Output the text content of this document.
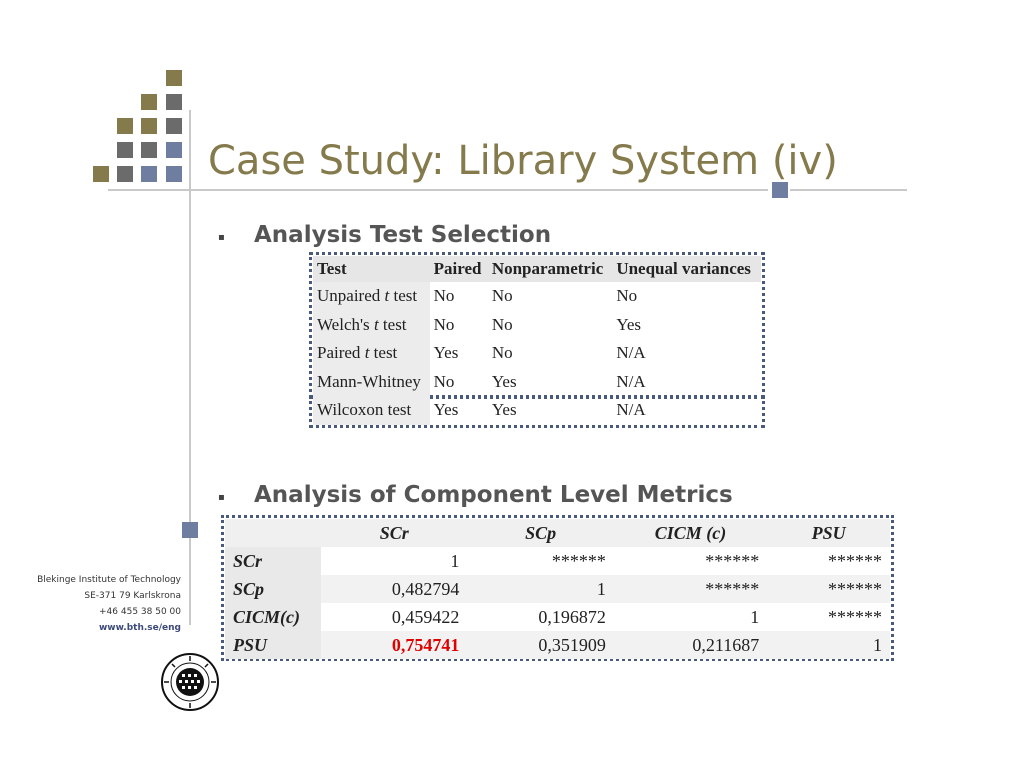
Case Study: Library System (iv)
▪ Analysis Test Selection
Test	Paired	Nonparametric	Unequal variances
Unpaired t test	No	No	No
Welch's t test	No	No	Yes
Paired t test	Yes	No	N/A
Mann-Whitney	No	Yes	N/A
Wilcoxon test	Yes	Yes	N/A
▪ Analysis of Component Level Metrics
	SCr	SCp	CICM (c)	PSU
SCr	1	******	******	******
SCp	0,482794	1	******	******
CICM(c)	0,459422	0,196872	1	******
PSU	0,754741	0,351909	0,211687	1
Blekinge Institute of Technology
SE-371 79 Karlskrona
+46 455 38 50 00
www.bth.se/eng
